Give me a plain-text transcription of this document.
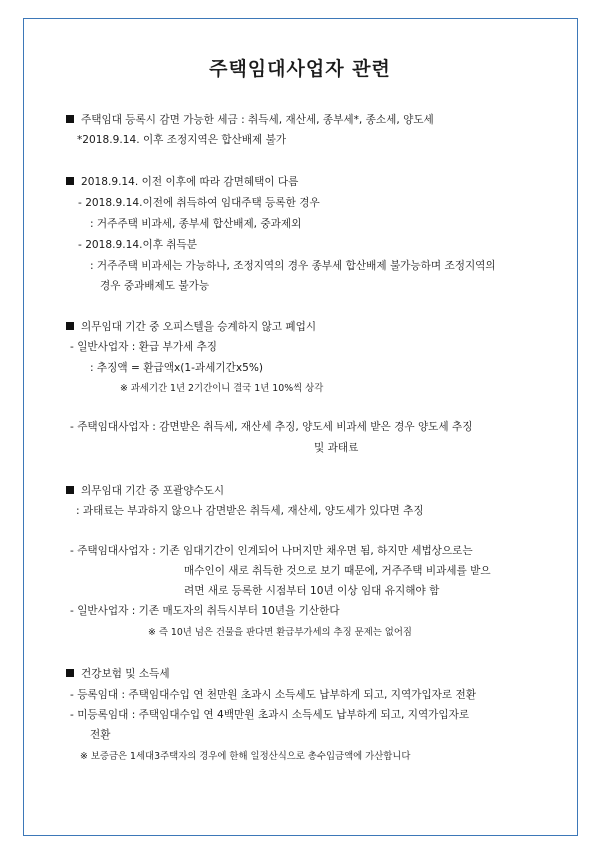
주택임대사업자 관련
주택임대 등록시 감면 가능한 세금 : 취득세, 재산세, 종부세*, 종소세, 양도세
*2018.9.14. 이후 조정지역은 합산배제 불가
2018.9.14. 이전 이후에 따라 감면혜택이 다름
- 2018.9.14.이전에 취득하여 임대주택 등록한 경우
: 거주주택 비과세, 종부세 합산배제, 중과제외
- 2018.9.14.이후 취득분
: 거주주택 비과세는 가능하나, 조정지역의 경우 종부세 합산배제 불가능하며 조정지역의
경우 중과배제도 불가능
의무임대 기간 중 오피스텔을 승계하지 않고 폐업시
- 일반사업자 : 환급 부가세 추징
: 추징액 = 환급액x(1-과세기간x5%)
※ 과세기간 1년 2기간이니 결국 1년 10%씩 상각
- 주택임대사업자 : 감면받은 취득세, 재산세 추징, 양도세 비과세 받은 경우 양도세 추징
및 과태료
의무임대 기간 중 포괄양수도시
: 과태료는 부과하지 않으나 감면받은 취득세, 재산세, 양도세가 있다면 추징
- 주택임대사업자 : 기존 임대기간이 인계되어 나머지만 채우면 됨, 하지만 세법상으로는
매수인이 새로 취득한 것으로 보기 때문에, 거주주택 비과세를 받으
려면 새로 등록한 시점부터 10년 이상 임대 유지해야 함
- 일반사업자 : 기존 매도자의 취득시부터 10년을 기산한다
※ 즉 10년 넘은 건물을 판다면 환급부가세의 추징 문제는 없어짐
건강보험 및 소득세
- 등록임대 : 주택임대수입 연 천만원 초과시 소득세도 납부하게 되고, 지역가입자로 전환
- 미등록임대 : 주택임대수입 연 4백만원 초과시 소득세도 납부하게 되고, 지역가입자로
전환
※ 보증금은 1세대3주택자의 경우에 한해 일정산식으로 총수입금액에 가산합니다
